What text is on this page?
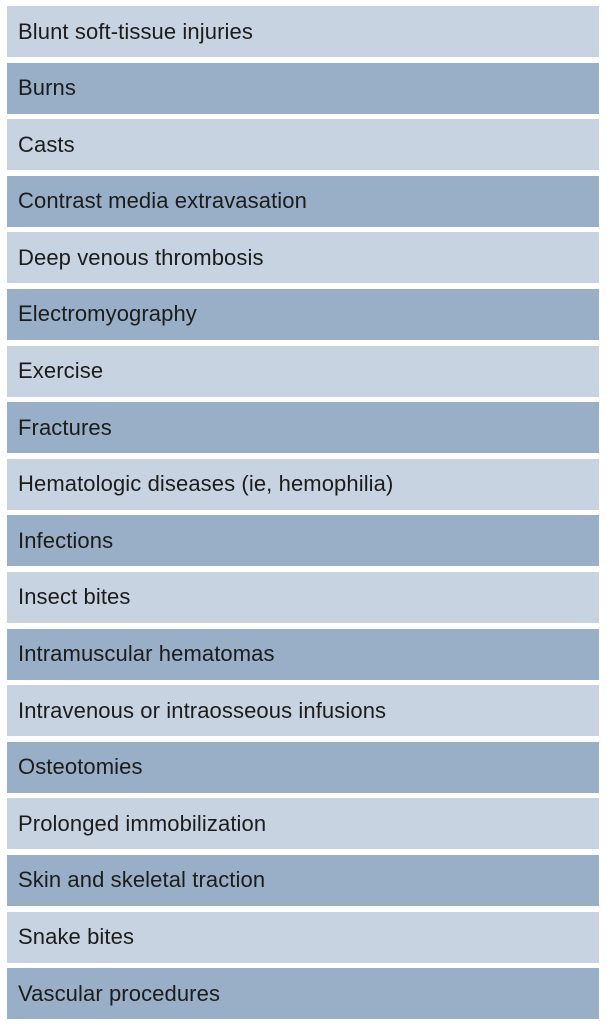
Blunt soft-tissue injuries
Burns
Casts
Contrast media extravasation
Deep venous thrombosis
Electromyography
Exercise
Fractures
Hematologic diseases (ie, hemophilia)
Infections
Insect bites
Intramuscular hematomas
Intravenous or intraosseous infusions
Osteotomies
Prolonged immobilization
Skin and skeletal traction
Snake bites
Vascular procedures
